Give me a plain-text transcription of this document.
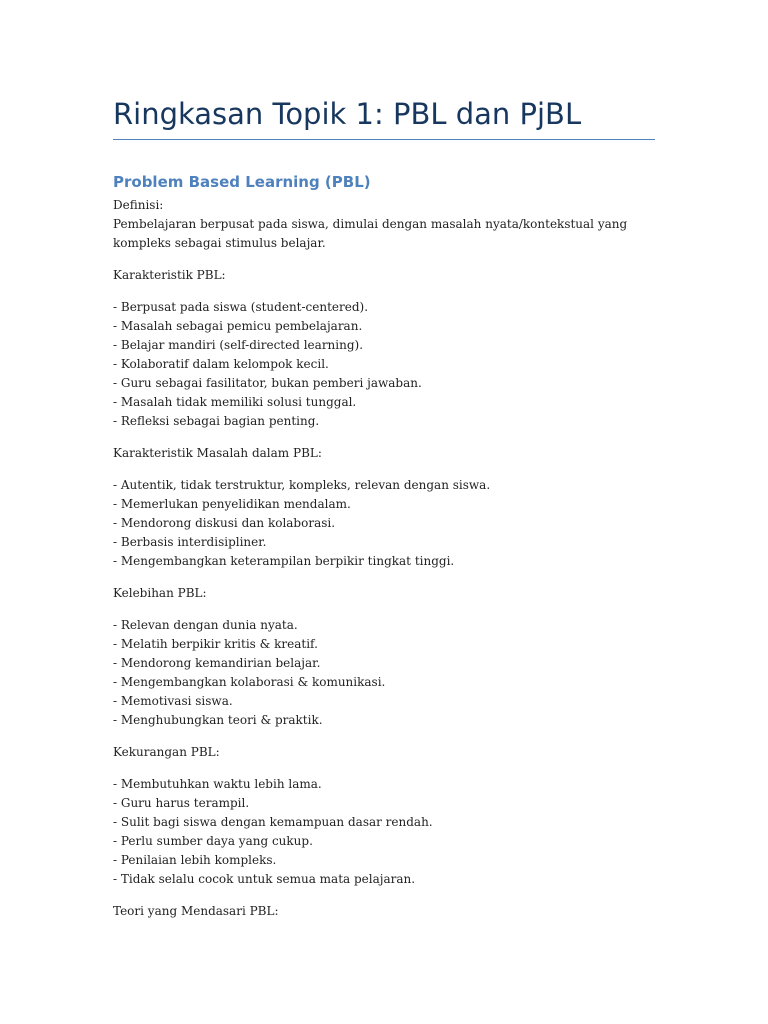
Ringkasan Topik 1: PBL dan PjBL
Problem Based Learning (PBL)
Definisi:
Pembelajaran berpusat pada siswa, dimulai dengan masalah nyata/kontekstual yang
kompleks sebagai stimulus belajar.
Karakteristik PBL:
- Berpusat pada siswa (student-centered).
- Masalah sebagai pemicu pembelajaran.
- Belajar mandiri (self-directed learning).
- Kolaboratif dalam kelompok kecil.
- Guru sebagai fasilitator, bukan pemberi jawaban.
- Masalah tidak memiliki solusi tunggal.
- Refleksi sebagai bagian penting.
Karakteristik Masalah dalam PBL:
- Autentik, tidak terstruktur, kompleks, relevan dengan siswa.
- Memerlukan penyelidikan mendalam.
- Mendorong diskusi dan kolaborasi.
- Berbasis interdisipliner.
- Mengembangkan keterampilan berpikir tingkat tinggi.
Kelebihan PBL:
- Relevan dengan dunia nyata.
- Melatih berpikir kritis & kreatif.
- Mendorong kemandirian belajar.
- Mengembangkan kolaborasi & komunikasi.
- Memotivasi siswa.
- Menghubungkan teori & praktik.
Kekurangan PBL:
- Membutuhkan waktu lebih lama.
- Guru harus terampil.
- Sulit bagi siswa dengan kemampuan dasar rendah.
- Perlu sumber daya yang cukup.
- Penilaian lebih kompleks.
- Tidak selalu cocok untuk semua mata pelajaran.
Teori yang Mendasari PBL:
